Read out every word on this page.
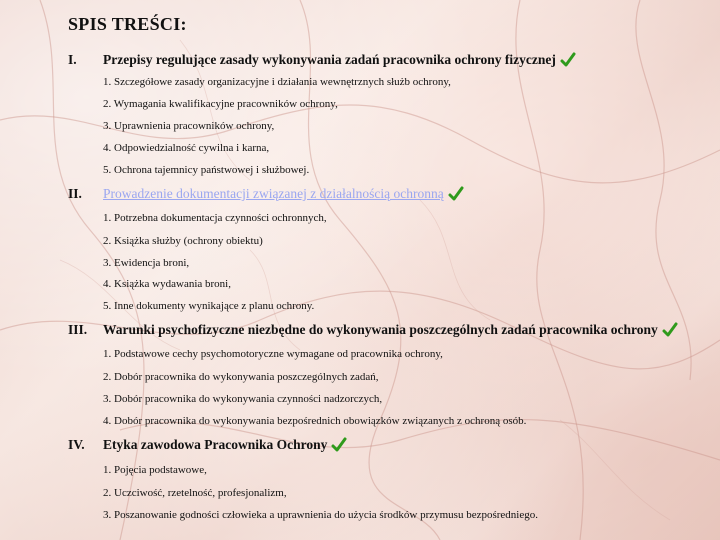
SPIS TREŚCI:
I. Przepisy regulujące zasady wykonywania zadań pracownika ochrony fizycznej
1. Szczegółowe zasady organizacyjne i działania wewnętrznych służb ochrony,
2. Wymagania kwalifikacyjne pracowników ochrony,
3. Uprawnienia pracowników ochrony,
4. Odpowiedzialność cywilna i karna,
5. Ochrona tajemnicy państwowej i służbowej.
II. Prowadzenie dokumentacji związanej z działalnością ochronną
1. Potrzebna dokumentacja czynności ochronnych,
2. Książka służby (ochrony obiektu)
3. Ewidencja broni,
4. Książka wydawania broni,
5. Inne dokumenty wynikające z planu ochrony.
III. Warunki psychofizyczne niezbędne do wykonywania poszczególnych zadań pracownika ochrony
1. Podstawowe cechy psychomotoryczne wymagane od pracownika ochrony,
2. Dobór pracownika do wykonywania poszczególnych zadań,
3. Dobór pracownika do wykonywania czynności nadzorczych,
4. Dobór pracownika do wykonywania bezpośrednich obowiązków związanych z ochroną osób.
IV. Etyka zawodowa Pracownika Ochrony
1. Pojęcia podstawowe,
2. Uczciwość, rzetelność, profesjonalizm,
3. Poszanowanie godności człowieka a uprawnienia do użycia środków przymusu bezpośredniego.
